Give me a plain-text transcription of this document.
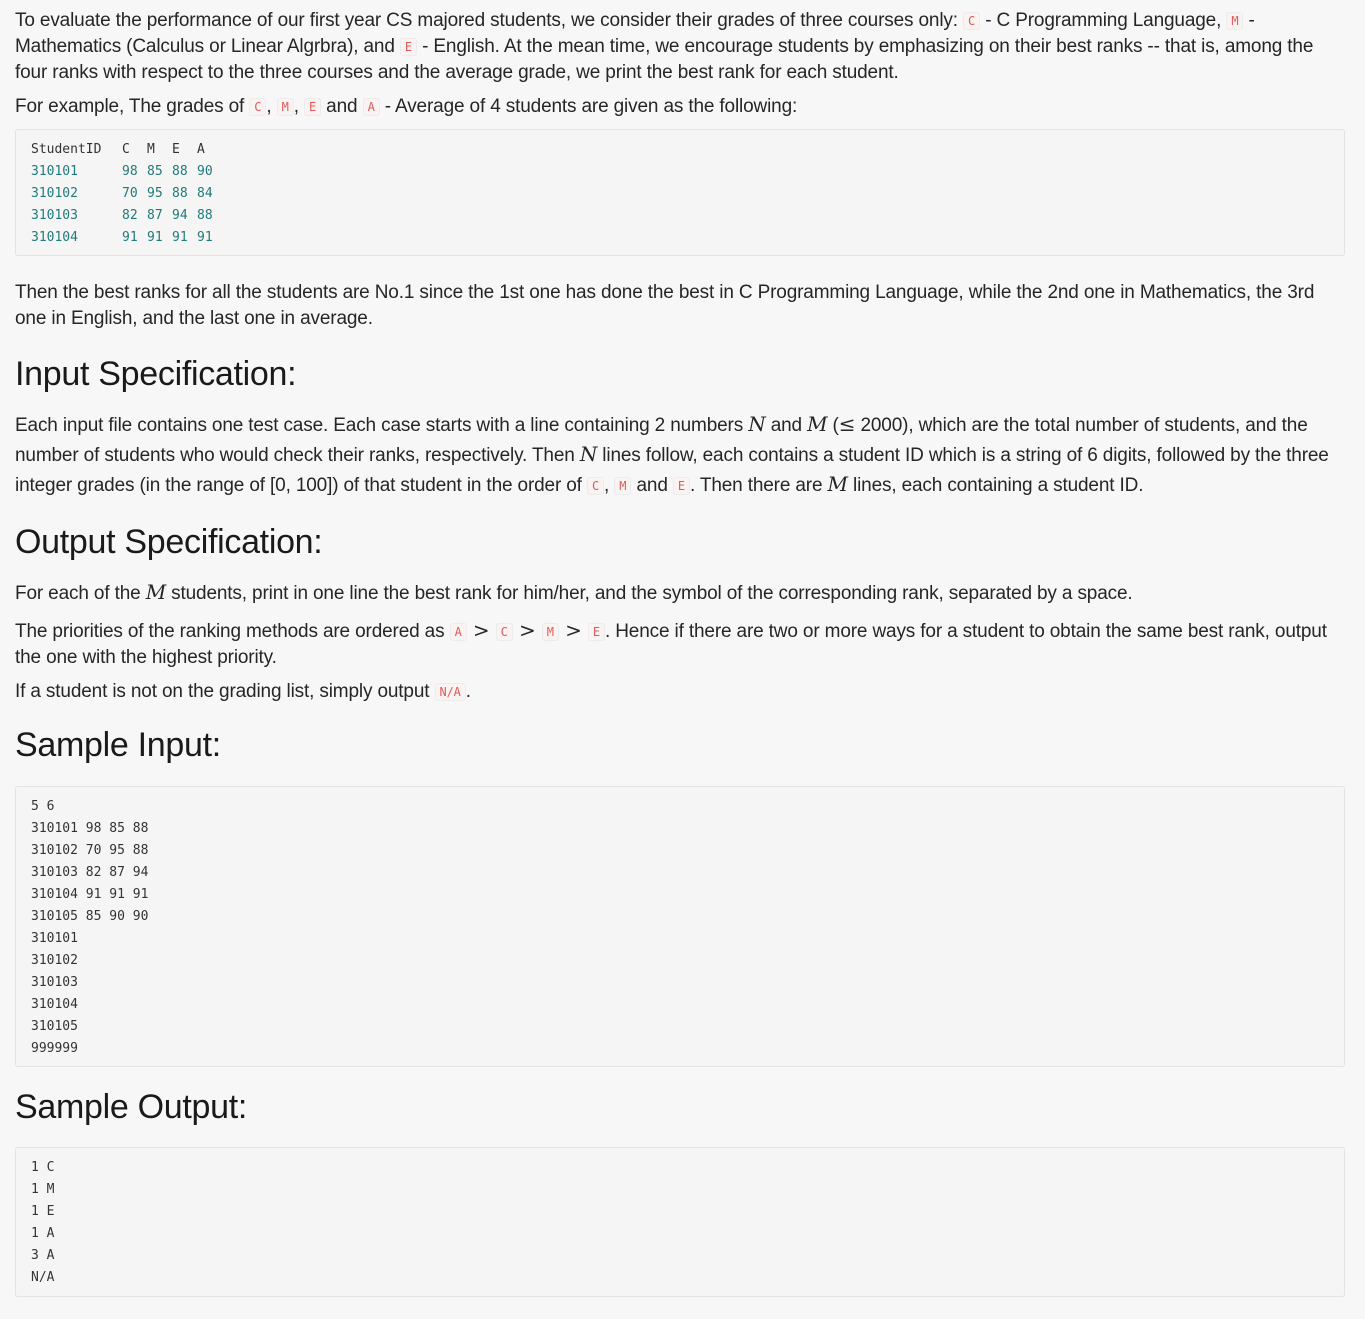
To evaluate the performance of our first year CS majored students, we consider their grades of three courses only: C - C Programming Language, M - Mathematics (Calculus or Linear Algrbra), and E - English. At the mean time, we encourage students by emphasizing on their best ranks -- that is, among the four ranks with respect to the three courses and the average grade, we print the best rank for each student.

For example, The grades of C , M , E and A - Average of 4 students are given as the following:

StudentID C M E A
310101	98 85 88 90
310102	70 95 88 84
310103	82 87 94 88
310104	91 91 91 91

Then the best ranks for all the students are No.1 since the 1st one has done the best in C Programming Language, while the 2nd one in Mathematics, the 3rd one in English, and the last one in average.

Input Specification:

Each input file contains one test case. Each case starts with a line containing 2 numbers N and M (≤ 2000), which are the total number of students, and the number of students who would check their ranks, respectively. Then N lines follow, each contains a student ID which is a string of 6 digits, followed by the three integer grades (in the range of [0, 100]) of that student in the order of C , M and E . Then there are M lines, each containing a student ID.

Output Specification:

For each of the M students, print in one line the best rank for him/her, and the symbol of the corresponding rank, separated by a space.

The priorities of the ranking methods are ordered as A > C > M > E . Hence if there are two or more ways for a student to obtain the same best rank, output the one with the highest priority.

If a student is not on the grading list, simply output N/A .

Sample Input:
5 6
310101 98 85 88
310102 70 95 88
310103 82 87 94
310104 91 91 91
310105 85 90 90
310101
310102
310103
310104
310105
999999
Sample Output:
1 C
1 M
1 E
1 A
3 A
N/A
